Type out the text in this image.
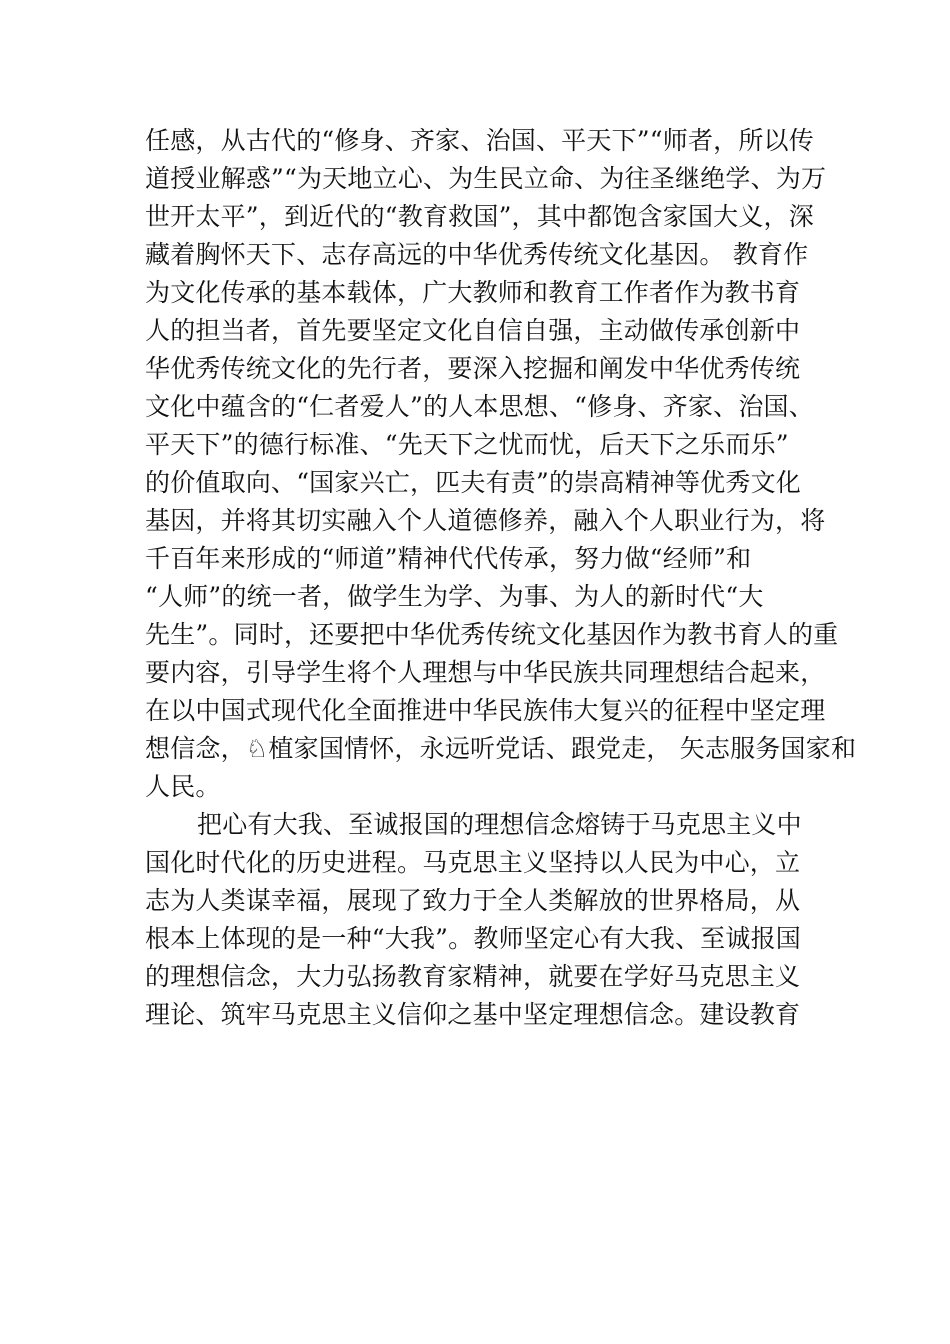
任感，从古代的“修身、齐家、治国、平天下”“师者，所以传
道授业解惑”“为天地立心、为生民立命、为往圣继绝学、为万
世开太平”，到近代的“教育救国”，其中都饱含家国大义，深
藏着胸怀天下、志存高远的中华优秀传统文化基因。 教育作
为文化传承的基本载体，广大教师和教育工作者作为教书育
人的担当者，首先要坚定文化自信自强，主动做传承创新中
华优秀传统文化的先行者，要深入挖掘和阐发中华优秀传统
文化中蕴含的“仁者爱人”的人本思想、“修身、齐家、治国、
平天下”的德行标准、“先天下之忧而忧，后天下之乐而乐”
的价值取向、“国家兴亡，匹夫有责”的崇高精神等优秀文化
基因，并将其切实融入个人道德修养，融入个人职业行为，将
千百年来形成的“师道”精神代代传承，努力做“经师”和
“人师”的统一者，做学生为学、为事、为人的新时代“大
先生”。同时，还要把中华优秀传统文化基因作为教书育人的重
要内容，引导学生将个人理想与中华民族共同理想结合起来，
在以中国式现代化全面推进中华民族伟大复兴的征程中坚定理
想信念，♘植家国情怀，永远听党话、跟党走， 矢志服务国家和
人民。
把心有大我、至诚报国的理想信念熔铸于马克思主义中
国化时代化的历史进程。马克思主义坚持以人民为中心，立
志为人类谋幸福，展现了致力于全人类解放的世界格局，从
根本上体现的是一种“大我”。教师坚定心有大我、至诚报国
的理想信念，大力弘扬教育家精神，就要在学好马克思主义
理论、筑牢马克思主义信仰之基中坚定理想信念。建设教育
